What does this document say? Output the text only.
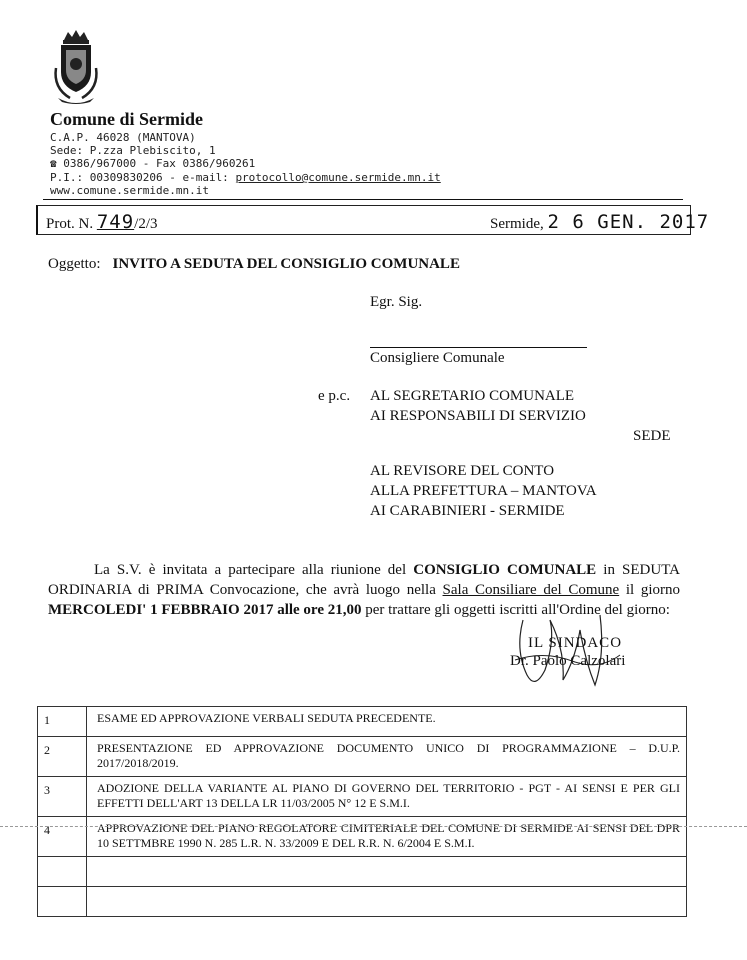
Comune di Sermide
C.A.P. 46028 (MANTOVA)
Sede: P.zza Plebiscito, 1
☎ 0386/967000 - Fax 0386/960261
P.I.: 00309830206 - e-mail: protocollo@comune.sermide.mn.it
www.comune.sermide.mn.it
Prot. N. 749/2/3	Sermide, 2 6 GEN. 2017
Oggetto: INVITO A SEDUTA DEL CONSIGLIO COMUNALE
Egr. Sig.
Consigliere Comunale
e p.c. AL SEGRETARIO COMUNALE
AI RESPONSABILI DI SERVIZIO
SEDE
AL REVISORE DEL CONTO
ALLA PREFETTURA – MANTOVA
AI CARABINIERI - SERMIDE
La S.V. è invitata a partecipare alla riunione del CONSIGLIO COMUNALE in SEDUTA ORDINARIA di PRIMA Convocazione, che avrà luogo nella Sala Consiliare del Comune il giorno MERCOLEDI' 1 FEBBRAIO 2017 alle ore 21,00 per trattare gli oggetti iscritti all'Ordine del giorno:
IL SINDACO
Dr. Paolo Calzolari
1	ESAME ED APPROVAZIONE VERBALI SEDUTA PRECEDENTE.
2	PRESENTAZIONE ED APPROVAZIONE DOCUMENTO UNICO DI PROGRAMMAZIONE – D.U.P. 2017/2018/2019.
3	ADOZIONE DELLA VARIANTE AL PIANO DI GOVERNO DEL TERRITORIO - PGT - AI SENSI E PER GLI EFFETTI DELL'ART 13 DELLA LR 11/03/2005 N° 12 E S.M.I.
4	APPROVAZIONE DEL PIANO REGOLATORE CIMITERIALE DEL COMUNE DI SERMIDE AI SENSI DEL DPR 10 SETTMBRE 1990 N. 285 L.R. N. 33/2009 E DEL R.R. N. 6/2004 E S.M.I.
